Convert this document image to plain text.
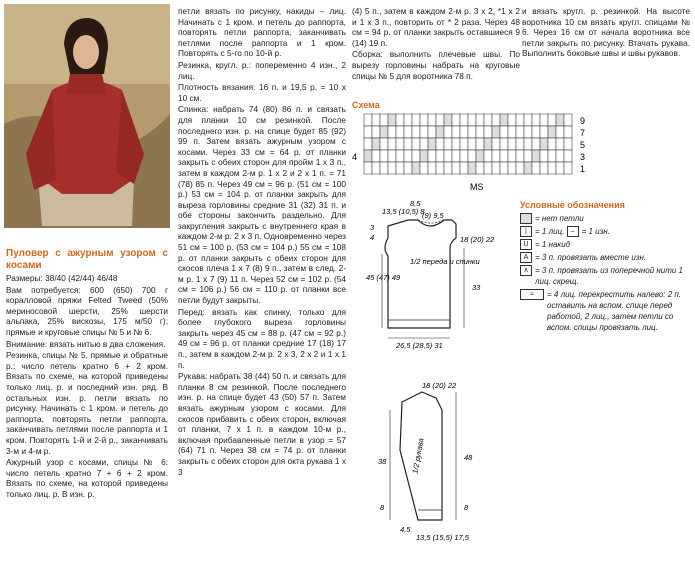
Пуловер с ажурным узором с косами

Размеры: 38/40 (42/44) 46/48

Вам потребуется: 600 (650) 700 г коралловой пряжи Felted Tweed (50% мериносовой шерсти, 25% шерсти альпака, 25% вискозы, 175 м/50 г); прямые и круговые спицы № 5 и № 6.

Внимание: вязать нитью в два сложения.

Резинка, спицы № 5, прямые и обратные р.: число петель кратно 6 + 2 кром. Вязать по схеме, на которой приведены только лиц. р. и последний изн. ряд. В остальных изн. р. петли вязать по рисунку. Начинать с 1 кром. и петель до раппорта, повторять петли раппорта, заканчивать петлями после раппорта и 1 кром. Повторять 1-й и 2-й р., заканчивать 3-м и 4-м р.

Ажурный узор с косами, спицы № 6: число петель кратно 7 + 6 + 2 кром. Вязать по схеме, на которой приведены только лиц. р. В изн. р.

петли вязать по рисунку, накиды – лиц. Начинать с 1 кром. и петель до раппорта, повторять петли раппорта, заканчивать петлями после раппорта и 1 кром. Повторять с 5-го по 10-й р.

Резинка, кругл. р.: попеременно 4 изн., 2 лиц.

Плотность вязания: 16 п. и 19,5 р. = 10 х 10 см.

Спинка: набрать 74 (80) 86 п. и связать для планки 10 см резинкой. После последнего изн. р. на спице будет 85 (92) 99 п. Затем вязать ажурным узором с косами. Через 33 см = 64 р. от планки закрыть с обеих сторон для пройм 1 х 3 п., затем в каждом 2-м р. 1 х 2 и 2 х 1 п. = 71 (78) 85 п. Через 49 см = 96 р. (51 см = 100 р.) 53 см = 104 р. от планки закрыть для выреза горловины средние 31 (32) 31 п. и обе стороны закончить раздельно. Для закругления закрыть с внутреннего края в каждом 2-м р. 2 х 3 п. Одновременно через 51 см = 100 р. (53 см = 104 р.) 55 см = 108 р. от планки закрыть с обеих сторон для скосов плеча 1 х 7 (8) 9 п., затем в след. 2-м р. 1 х 7 (9) 11 п. Через 52 см = 102 р. (54 см = 106 р.) 56 см = 110 р. от планки все петли будут закрыты.

Перед: вязать как спинку, только для более глубокого выреза горловины закрыть через 45 см = 88 р. (47 см = 92 р.) 49 см = 96 р. от планки средние 17 (18) 17 п., затем в каждом 2-м р. 2 х 3, 2 х 2 и 1 х 1 п.

Рукава: набрать 38 (44) 50 п. и связать для планки 8 см резинкой. После последнего изн. р. на спице будет 43 (50) 57 п. Затем вязать ажурным узором с косами. Для скосов прибавить с обеих сторон, включая от планки, 7 х 1 п. в каждом 10-м р., включая прибавленные петли в узор = 57 (64) 71 п. Через 38 см = 74 р. от планки закрыть с обеих сторон для окта рукава 1 х 3

(4) 5 п., затем в каждом 2-м р. 3 х 2, *1 х 2 и 1 х 3 п., повторить от * 2 раза. Через 48 см = 94 р. от планки закрыть оставшиеся 9 (14) 19 п.

Сборка: выполнить плечевые швы. По вырезу горловины набрать на круговые спицы № 5 для воротника 78 п.

и вязать кругл. р. резинкой. На высоте воротника 10 см вязать кругл. спицами № 6. Через 16 см от начала воротника все петли закрыть по рисунку. Втачать рукава. Выполнить боковые швы и швы рукавов.

Схема
9
7
5
3
1
4
MS
Условные обозначения
= нет петли
|	= 1 лиц.
– = 1 изн.
U = 1 накид
A = 3 п. провязать вместе изн.
∧ = 3 п. провязать из поперечной нити 1 лиц. скрещ.
≈	= 4 лиц. перекрестить налево: 2 п. оставить на вспом. спице перед работой, 2 лиц., затем петли со вспом. спицы провязать лиц.
1/2 переда и спинки
8,5
13,5 (10,5) 8
(9) 9,5
3
4
45 (47) 49
18 (20) 22
33
26,5 (28,5) 31
18 (20) 22
1/2 рукава
38
8
48
8
4,5
13,5 (15,5) 17,5
